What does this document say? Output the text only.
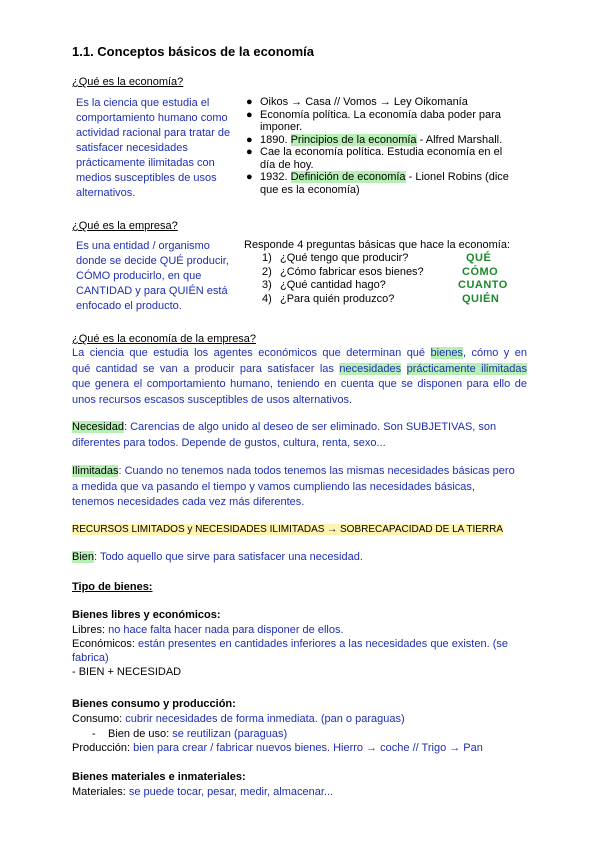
1.1. Conceptos básicos de la economía
¿Qué es la economía?
Es la ciencia que estudia el
comportamiento humano como
actividad racional para tratar de
satisfacer necesidades
prácticamente ilimitadas con
medios susceptibles de usos
alternativos.
● Oikos → Casa // Vomos → Ley Oikomanía
● Economía política. La economía daba poder para
imponer.
● 1890. Principios de la economía - Alfred Marshall.
● Cae la economía política. Estudia economía en el
día de hoy.
● 1932. Definición de economía - Lionel Robins (dice
que es la economía)
¿Qué es la empresa?
Es una entidad / organismo
donde se decide QUÉ producir,
CÓMO producirlo, en que
CANTIDAD y para QUIÉN está
enfocado el producto.
Responde 4 preguntas básicas que hace la economía:
1) ¿Qué tengo que producir?	QUÉ
2) ¿Cómo fabricar esos bienes?	CÓMO
3) ¿Qué cantidad hago?	CUANTO
4) ¿Para quién produzco?	QUIÉN
¿Qué es la economía de la empresa?
La ciencia que estudia los agentes económicos que determinan qué bienes, cómo y en
qué cantidad se van a producir para satisfacer las necesidades prácticamente ilimitadas
que genera el comportamiento humano, teniendo en cuenta que se disponen para ello de
unos recursos escasos susceptibles de usos alternativos.
Necesidad: Carencias de algo unido al deseo de ser eliminado. Son SUBJETIVAS, son
diferentes para todos. Depende de gustos, cultura, renta, sexo...
Ilimitadas: Cuando no tenemos nada todos tenemos las mismas necesidades básicas pero
a medida que va pasando el tiempo y vamos cumpliendo las necesidades básicas,
tenemos necesidades cada vez más diferentes.
RECURSOS LIMITADOS y NECESIDADES ILIMITADAS → SOBRECAPACIDAD DE LA TIERRA
Bien: Todo aquello que sirve para satisfacer una necesidad.
Tipo de bienes:
Bienes libres y económicos:
Libres: no hace falta hacer nada para disponer de ellos.
Económicos: están presentes en cantidades inferiores a las necesidades que existen. (se
fabrica)
- BIEN + NECESIDAD
Bienes consumo y producción:
Consumo: cubrir necesidades de forma inmediata. (pan o paraguas)
- Bien de uso: se reutilizan (paraguas)
Producción: bien para crear / fabricar nuevos bienes. Hierro → coche // Trigo → Pan
Bienes materiales e inmateriales:
Materiales: se puede tocar, pesar, medir, almacenar...
